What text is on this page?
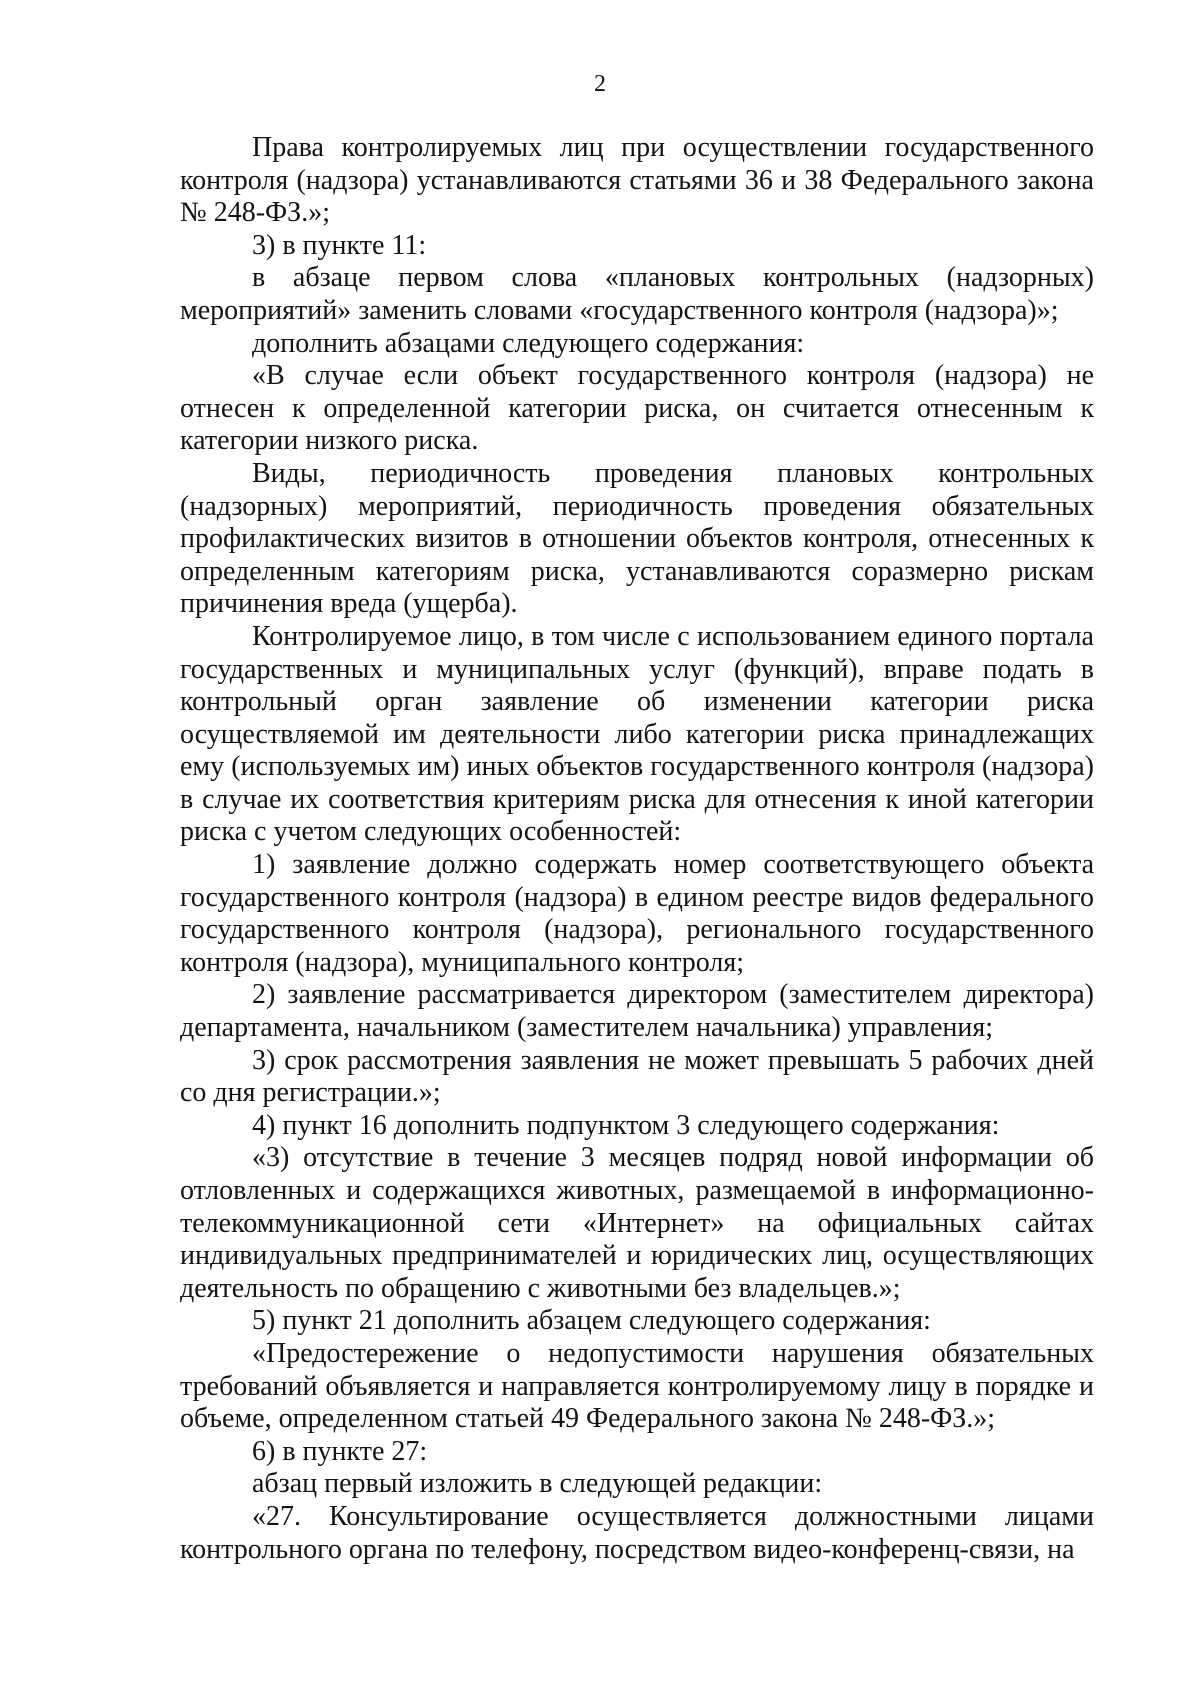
2

Права контролируемых лиц при осуществлении государственного контроля (надзора) устанавливаются статьями 36 и 38 Федерального закона № 248-ФЗ.»;

3) в пункте 11:

в абзаце первом слова «плановых контрольных (надзорных) мероприятий» заменить словами «государственного контроля (надзора)»;

дополнить абзацами следующего содержания:

«В случае если объект государственного контроля (надзора) не отнесен к определенной категории риска, он считается отнесенным к категории низкого риска.

Виды, периодичность проведения плановых контрольных (надзорных) мероприятий, периодичность проведения обязательных профилактических визитов в отношении объектов контроля, отнесенных к определенным категориям риска, устанавливаются соразмерно рискам причинения вреда (ущерба).

Контролируемое лицо, в том числе с использованием единого портала государственных и муниципальных услуг (функций), вправе подать в контрольный орган заявление об изменении категории риска осуществляемой им деятельности либо категории риска принадлежащих ему (используемых им) иных объектов государственного контроля (надзора) в случае их соответствия критериям риска для отнесения к иной категории риска с учетом следующих особенностей:

1) заявление должно содержать номер соответствующего объекта государственного контроля (надзора) в едином реестре видов федерального государственного контроля (надзора), регионального государственного контроля (надзора), муниципального контроля;

2) заявление рассматривается директором (заместителем директора) департамента, начальником (заместителем начальника) управления;

3) срок рассмотрения заявления не может превышать 5 рабочих дней со дня регистрации.»;

4) пункт 16 дополнить подпунктом 3 следующего содержания:

«3) отсутствие в течение 3 месяцев подряд новой информации об отловленных и содержащихся животных, размещаемой в информационно-телекоммуникационной сети «Интернет» на официальных сайтах индивидуальных предпринимателей и юридических лиц, осуществляющих деятельность по обращению с животными без владельцев.»;

5) пункт 21 дополнить абзацем следующего содержания:

«Предостережение о недопустимости нарушения обязательных требований объявляется и направляется контролируемому лицу в порядке и объеме, определенном статьей 49 Федерального закона № 248-ФЗ.»;

6) в пункте 27:

абзац первый изложить в следующей редакции:

«27. Консультирование осуществляется должностными лицами контрольного органа по телефону, посредством видео-конференц-связи, на
